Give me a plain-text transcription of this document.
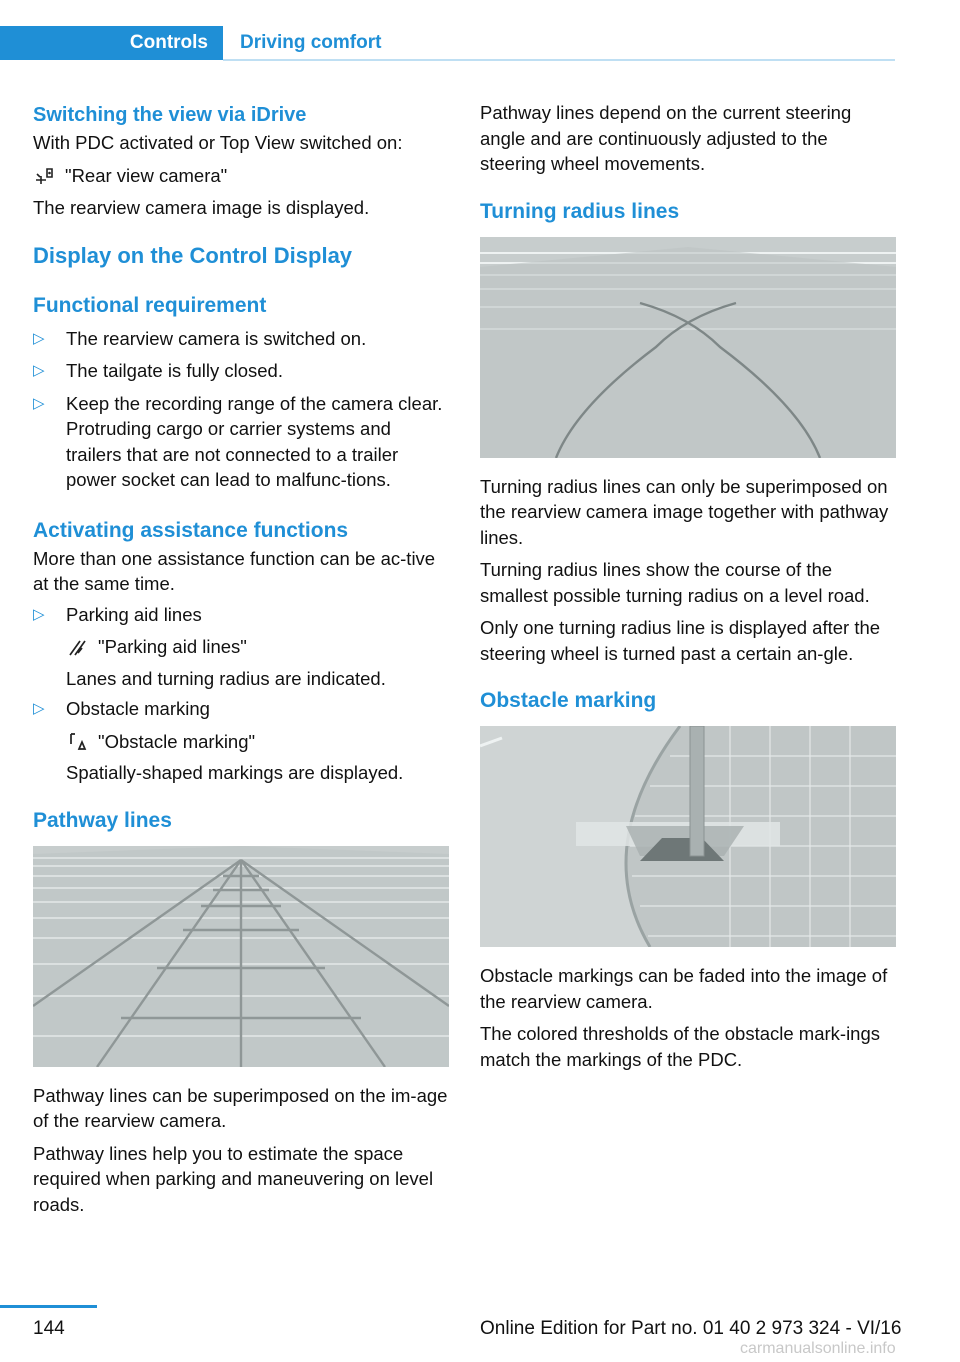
Controls	Driving comfort
Switching the view via iDrive

With PDC activated or Top View switched on:

"Rear view camera"

The rearview camera image is displayed.

Display on the Control Display
Functional requirement
▷ The rearview camera is switched on.
▷ The tailgate is fully closed.
▷ Keep the recording range of the camera clear. Protruding cargo or carrier systems and trailers that are not connected to a trailer power socket can lead to malfunc‐tions.
Activating assistance functions

More than one assistance function can be ac‐tive at the same time.

▷ Parking aid lines
"Parking aid lines"
Lanes and turning radius are indicated.
▷ Obstacle marking
"Obstacle marking"
Spatially-shaped markings are displayed.
Pathway lines

Pathway lines can be superimposed on the im‐age of the rearview camera.

Pathway lines help you to estimate the space required when parking and maneuvering on level roads.

Pathway lines depend on the current steering angle and are continuously adjusted to the steering wheel movements.

Turning radius lines

Turning radius lines can only be superimposed on the rearview camera image together with pathway lines.

Turning radius lines show the course of the smallest possible turning radius on a level road.

Only one turning radius line is displayed after the steering wheel is turned past a certain an‐gle.

Obstacle marking

Obstacle markings can be faded into the image of the rearview camera.

The colored thresholds of the obstacle mark‐ings match the markings of the PDC.

144	Online Edition for Part no. 01 40 2 973 324 - VI/16
carmanualsonline.info
